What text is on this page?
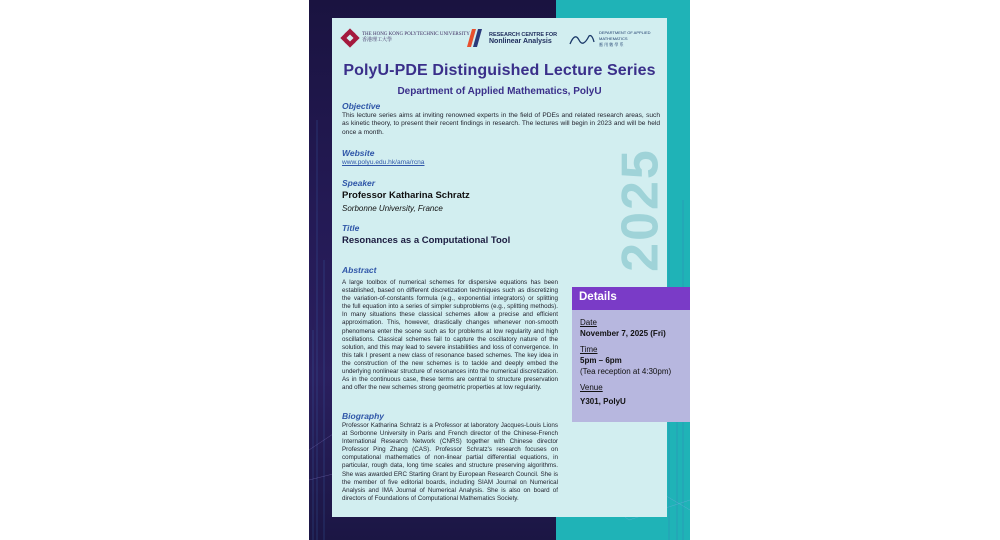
THE HONG KONG POLYTECHNIC UNIVERSITY
香港理工大學
RESEARCH CENTRE FOR
Nonlinear Analysis
DEPARTMENT OF APPLIED MATHEMATICS
應 用 數 學 系
2025
PolyU-PDE Distinguished Lecture Series
Department of Applied Mathematics, PolyU
Objective
This lecture series aims at inviting renowned experts in the field of PDEs and related research areas, such as kinetic theory, to present their recent findings in research. The lectures will begin in 2023 and will be held once a month.
Website
www.polyu.edu.hk/ama/rcna
Speaker
Professor Katharina Schratz
Sorbonne University, France
Title
Resonances as a Computational Tool
Abstract
A large toolbox of numerical schemes for dispersive equations has been established, based on different discretization techniques such as discretizing the variation-of-constants formula (e.g., exponential integrators) or splitting the full equation into a series of simpler subproblems (e.g., splitting methods). In many situations these classical schemes allow a precise and efficient approximation. This, however, drastically changes whenever non-smooth phenomena enter the scene such as for problems at low regularity and high oscillations. Classical schemes fail to capture the oscillatory nature of the solution, and this may lead to severe instabilities and loss of convergence. In this talk I present a new class of resonance based schemes. The key idea in the construction of the new schemes is to tackle and deeply embed the underlying nonlinear structure of resonances into the numerical discretization. As in the continuous case, these terms are central to structure preservation and offer the new schemes strong geometric properties at low regularity.
Biography
Professor Katharina Schratz is a Professor at laboratory Jacques-Louis Lions at Sorbonne University in Paris and French director of the Chinese-French International Research Network (CNRS) together with Chinese director Professor Ping Zhang (CAS). Professor Schratz's research focuses on computational mathematics of non-linear partial differential equations, in particular, rough data, long time scales and structure preserving algorithms. She was awarded ERC Starting Grant by European Research Council. She is the member of five editorial boards, including SIAM Journal on Numerical Analysis and IMA Journal of Numerical Analysis. She is also on board of directors of Foundations of Computational Mathematics Society.
Details
Date
November 7, 2025 (Fri)
Time
5pm – 6pm
(Tea reception at 4:30pm)
Venue
Y301, PolyU
